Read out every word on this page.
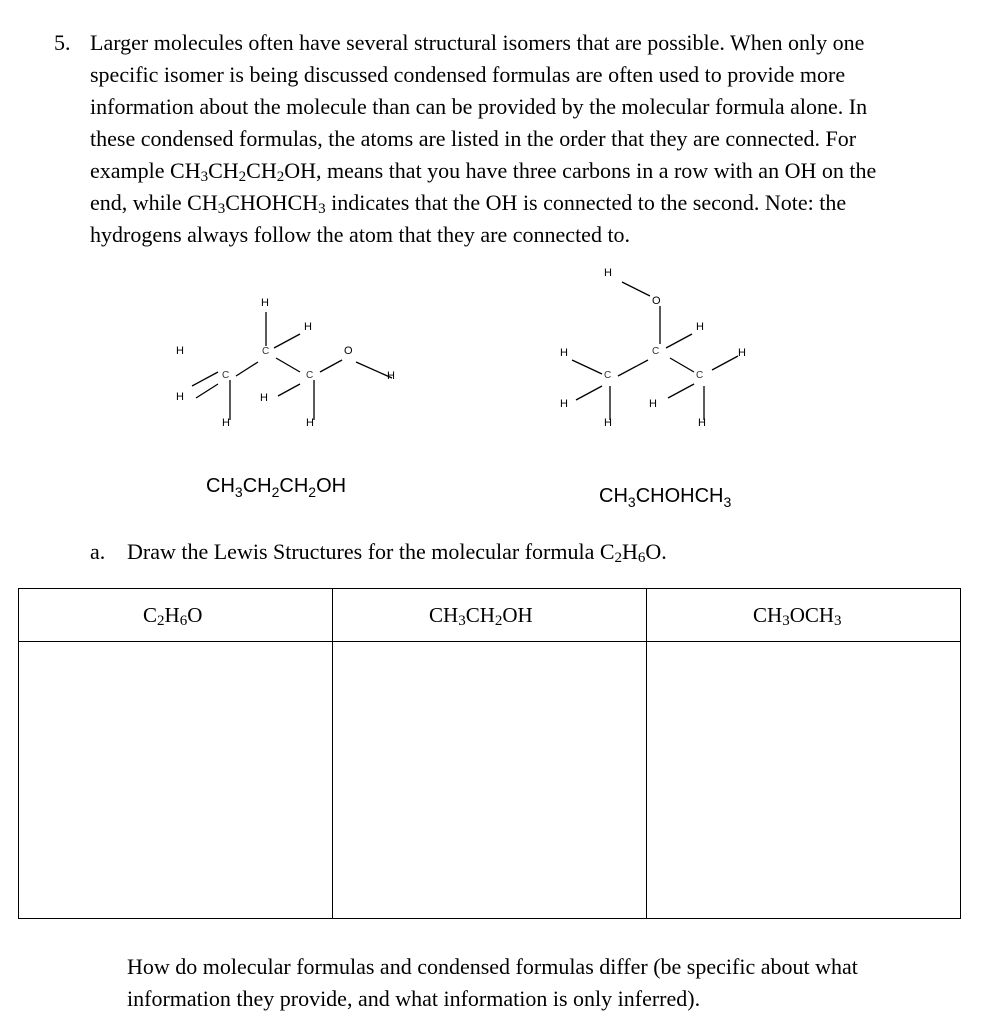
5. Larger molecules often have several structural isomers that are possible. When only one
specific isomer is being discussed condensed formulas are often used to provide more
information about the molecule than can be provided by the molecular formula alone. In
these condensed formulas, the atoms are listed in the order that they are connected. For
example $CH_3CH_2CH_2OH$, means that you have three carbons in a row with an OH on the
end, while $CH_3CHOHCH_3$ indicates that the OH is connected to the second. Note: the
hydrogens always follow the atom that they are connected to.
H
H
C
H
H
C
H
H
C
H
O
H
H
O
C
H
H
H
C
H
H
C
H
H
$CH_3CH_2CH_2OH$	$CH_3CHOHCH_3$
a. Draw the Lewis Structures for the molecular formula $C_2H_6O$.
$C_2H_6O$	$CH_3CH_2OH$	$CH_3OCH_3$

How do molecular formulas and condensed formulas differ (be specific about what
information they provide, and what information is only inferred).
